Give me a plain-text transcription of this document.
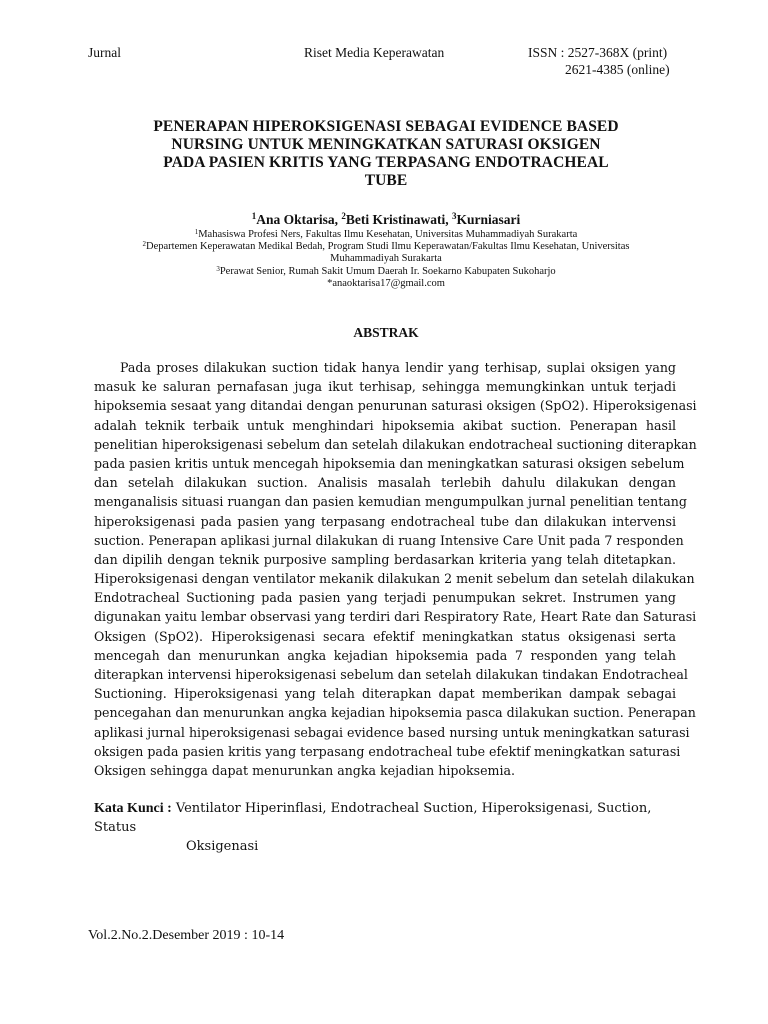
Jurnal	Riset Media Keperawatan	ISSN : 2527-368X (print)
2621-4385 (online)
PENERAPAN HIPEROKSIGENASI SEBAGAI EVIDENCE BASED
NURSING UNTUK MENINGKATKAN SATURASI OKSIGEN
PADA PASIEN KRITIS YANG TERPASANG ENDOTRACHEAL
TUBE
$^1$Ana Oktarisa, $^2$Beti Kristinawati, $^3$Kurniasari
$^1$Mahasiswa Profesi Ners, Fakultas Ilmu Kesehatan, Universitas Muhammadiyah Surakarta
$^2$Departemen Keperawatan Medikal Bedah, Program Studi Ilmu Keperawatan/Fakultas Ilmu Kesehatan, Universitas
Muhammadiyah Surakarta
$^3$Perawat Senior, Rumah Sakit Umum Daerah Ir. Soekarno Kabupaten Sukoharjo
*anaoktarisa17@gmail.com
ABSTRAK
Pada proses dilakukan suction tidak hanya lendir yang terhisap, suplai oksigen yang
masuk ke saluran pernafasan juga ikut terhisap, sehingga memungkinkan untuk terjadi
hipoksemia sesaat yang ditandai dengan penurunan saturasi oksigen (SpO2). Hiperoksigenasi
adalah teknik terbaik untuk menghindari hipoksemia akibat suction. Penerapan hasil
penelitian hiperoksigenasi sebelum dan setelah dilakukan endotracheal suctioning diterapkan
pada pasien kritis untuk mencegah hipoksemia dan meningkatkan saturasi oksigen sebelum
dan setelah dilakukan suction. Analisis masalah terlebih dahulu dilakukan dengan
menganalisis situasi ruangan dan pasien kemudian mengumpulkan jurnal penelitian tentang
hiperoksigenasi pada pasien yang terpasang endotracheal tube dan dilakukan intervensi
suction. Penerapan aplikasi jurnal dilakukan di ruang Intensive Care Unit pada 7 responden
dan dipilih dengan teknik purposive sampling berdasarkan kriteria yang telah ditetapkan.
Hiperoksigenasi dengan ventilator mekanik dilakukan 2 menit sebelum dan setelah dilakukan
Endotracheal Suctioning pada pasien yang terjadi penumpukan sekret. Instrumen yang
digunakan yaitu lembar observasi yang terdiri dari Respiratory Rate, Heart Rate dan Saturasi
Oksigen (SpO2). Hiperoksigenasi secara efektif meningkatkan status oksigenasi serta
mencegah dan menurunkan angka kejadian hipoksemia pada 7 responden yang telah
diterapkan intervensi hiperoksigenasi sebelum dan setelah dilakukan tindakan Endotracheal
Suctioning. Hiperoksigenasi yang telah diterapkan dapat memberikan dampak sebagai
pencegahan dan menurunkan angka kejadian hipoksemia pasca dilakukan suction. Penerapan
aplikasi jurnal hiperoksigenasi sebagai evidence based nursing untuk meningkatkan saturasi
oksigen pada pasien kritis yang terpasang endotracheal tube efektif meningkatkan saturasi
Oksigen sehingga dapat menurunkan angka kejadian hipoksemia.
Kata Kunci : Ventilator Hiperinflasi, Endotracheal Suction, Hiperoksigenasi, Suction, Status
Oksigenasi
Vol.2.No.2.Desember 2019 : 10-14
